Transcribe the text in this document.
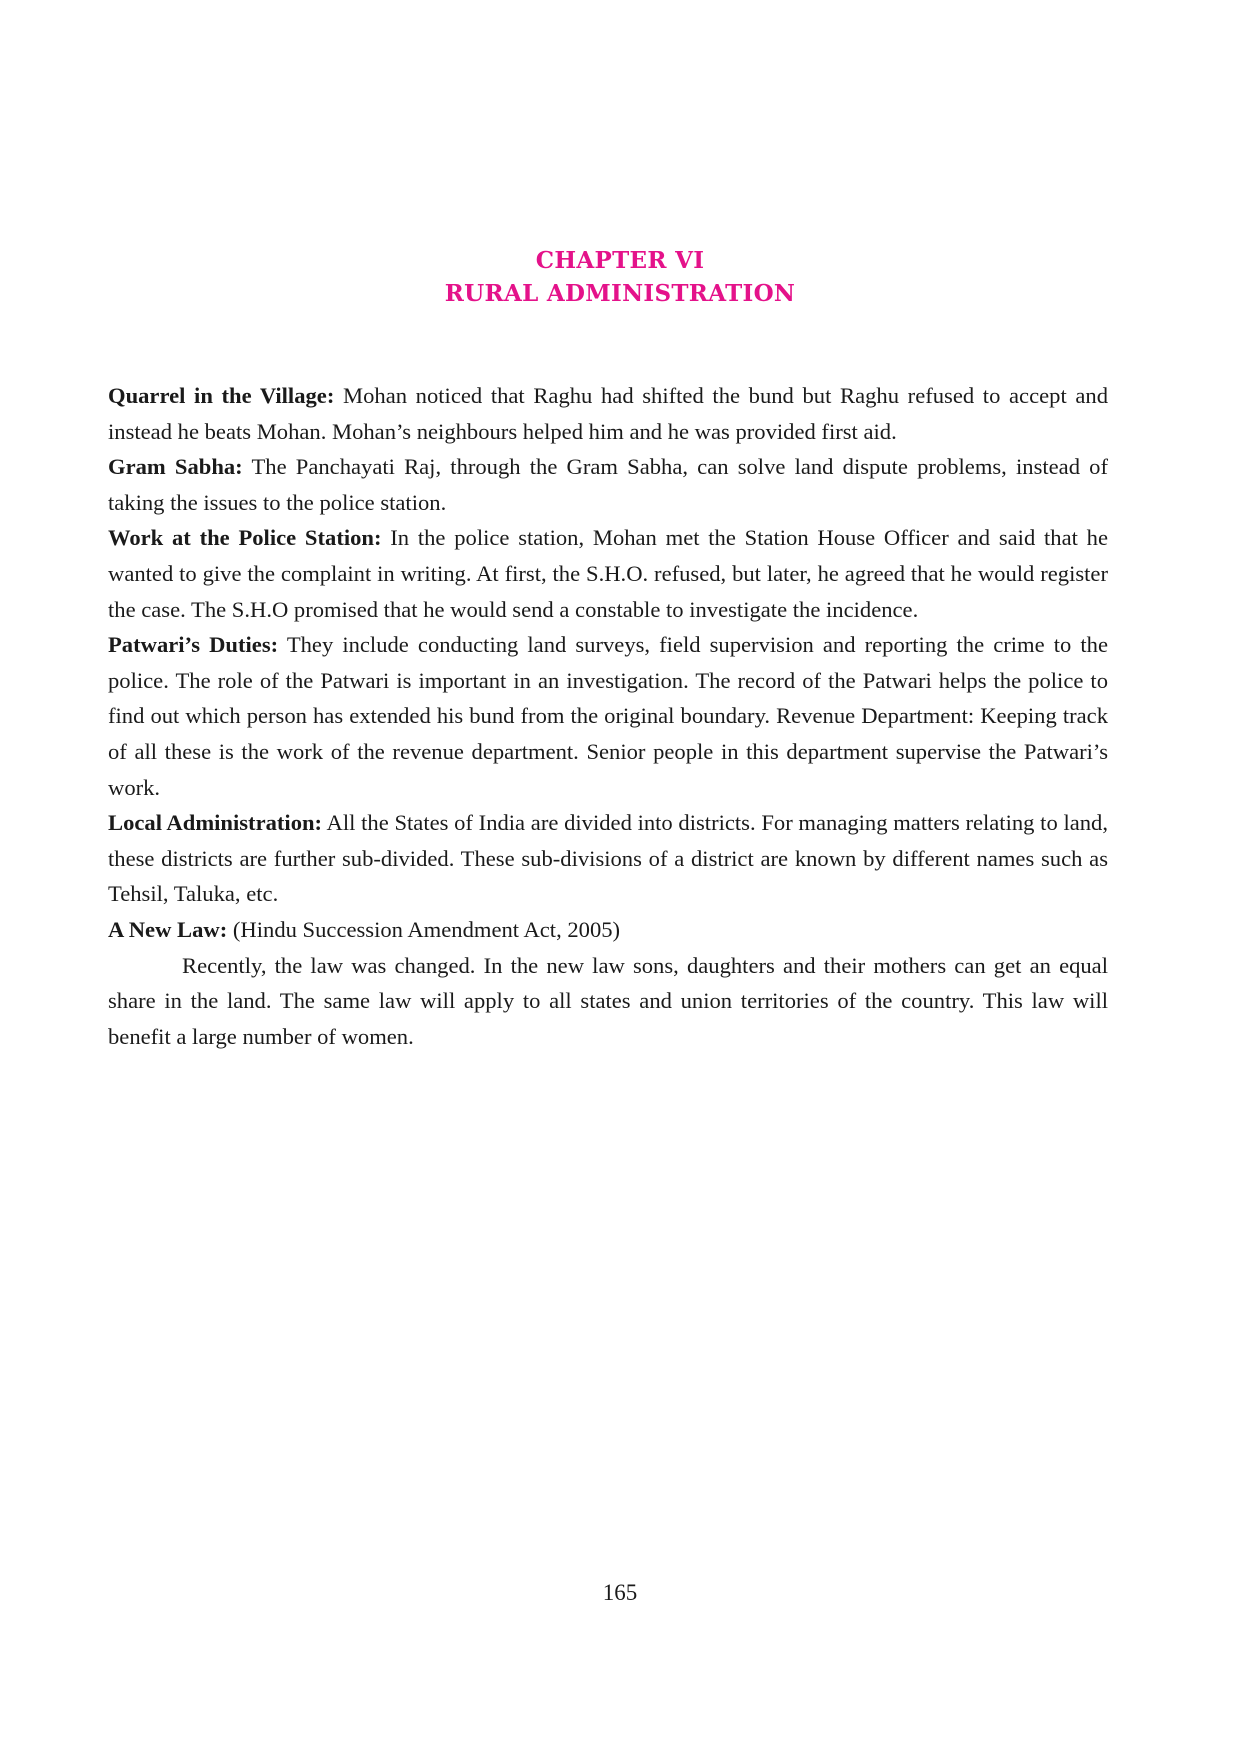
CHAPTER VI
RURAL ADMINISTRATION

Quarrel in the Village: Mohan noticed that Raghu had shifted the bund but Raghu refused to accept and instead he beats Mohan. Mohan’s neighbours helped him and he was provided first aid.

Gram Sabha: The Panchayati Raj, through the Gram Sabha, can solve land dispute problems, instead of taking the issues to the police station.

Work at the Police Station: In the police station, Mohan met the Station House Officer and said that he wanted to give the complaint in writing. At first, the S.H.O. refused, but later, he agreed that he would register the case. The S.H.O promised that he would send a constable to investigate the incidence.

Patwari’s Duties: They include conducting land surveys, field supervision and reporting the crime to the police. The role of the Patwari is important in an investigation. The record of the Patwari helps the police to find out which person has extended his bund from the original boundary. Revenue Department: Keeping track of all these is the work of the revenue department. Senior people in this department supervise the Patwari’s work.

Local Administration: All the States of India are divided into districts. For managing matters relating to land, these districts are further sub-divided. These sub-divisions of a district are known by different names such as Tehsil, Taluka, etc.

A New Law: (Hindu Succession Amendment Act, 2005)

Recently, the law was changed. In the new law sons, daughters and their mothers can get an equal share in the land. The same law will apply to all states and union territories of the country. This law will benefit a large number of women.

165
